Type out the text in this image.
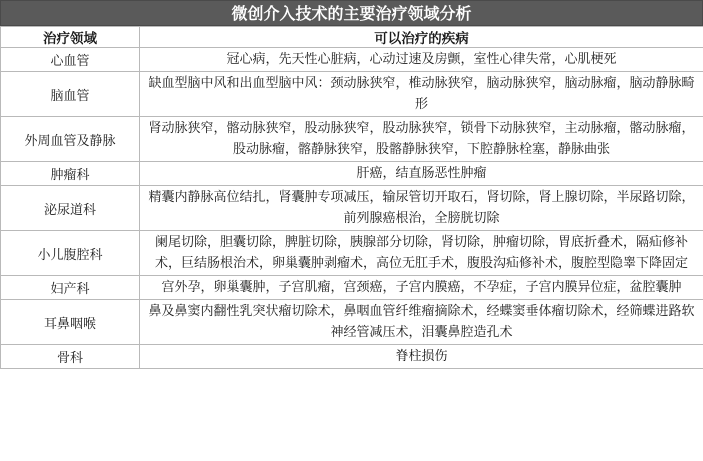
微创介入技术的主要治疗领域分析
治疗领域	可以治疗的疾病
心血管	冠心病，先天性心脏病，心动过速及房颤，室性心律失常，心肌梗死
脑血管	缺血型脑中风和出血型脑中风：颈动脉狭窄，椎动脉狭窄，脑动脉狭窄，脑动脉瘤，脑动静脉畸形
外周血管及静脉	肾动脉狭窄，髂动脉狭窄，股动脉狭窄，股动脉狭窄，锁骨下动脉狭窄，主动脉瘤，髂动脉瘤，股动脉瘤，髂静脉狭窄，股髂静脉狭窄，下腔静脉栓塞，静脉曲张
肿瘤科	肝癌，结直肠恶性肿瘤
泌尿道科	精囊内静脉高位结扎，肾囊肿专项减压，输尿管切开取石，肾切除，肾上腺切除，半尿路切除，前列腺癌根治，全膀胱切除
小儿腹腔科	阑尾切除，胆囊切除，脾脏切除，胰腺部分切除，肾切除，肿瘤切除，胃底折叠术，隔疝修补术，巨结肠根治术，卵巢囊肿剥瘤术，高位无肛手术，腹股沟疝修补术，腹腔型隐睾下降固定
妇产科	宫外孕，卵巢囊肿，子宫肌瘤，宫颈癌，子宫内膜癌，不孕症，子宫内膜异位症，盆腔囊肿
耳鼻咽喉	鼻及鼻窦内翻性乳突状瘤切除术，鼻咽血管纤维瘤摘除术，经蝶窦垂体瘤切除术，经筛蝶进路软神经管减压术，泪囊鼻腔造孔术
骨科	脊柱损伤
